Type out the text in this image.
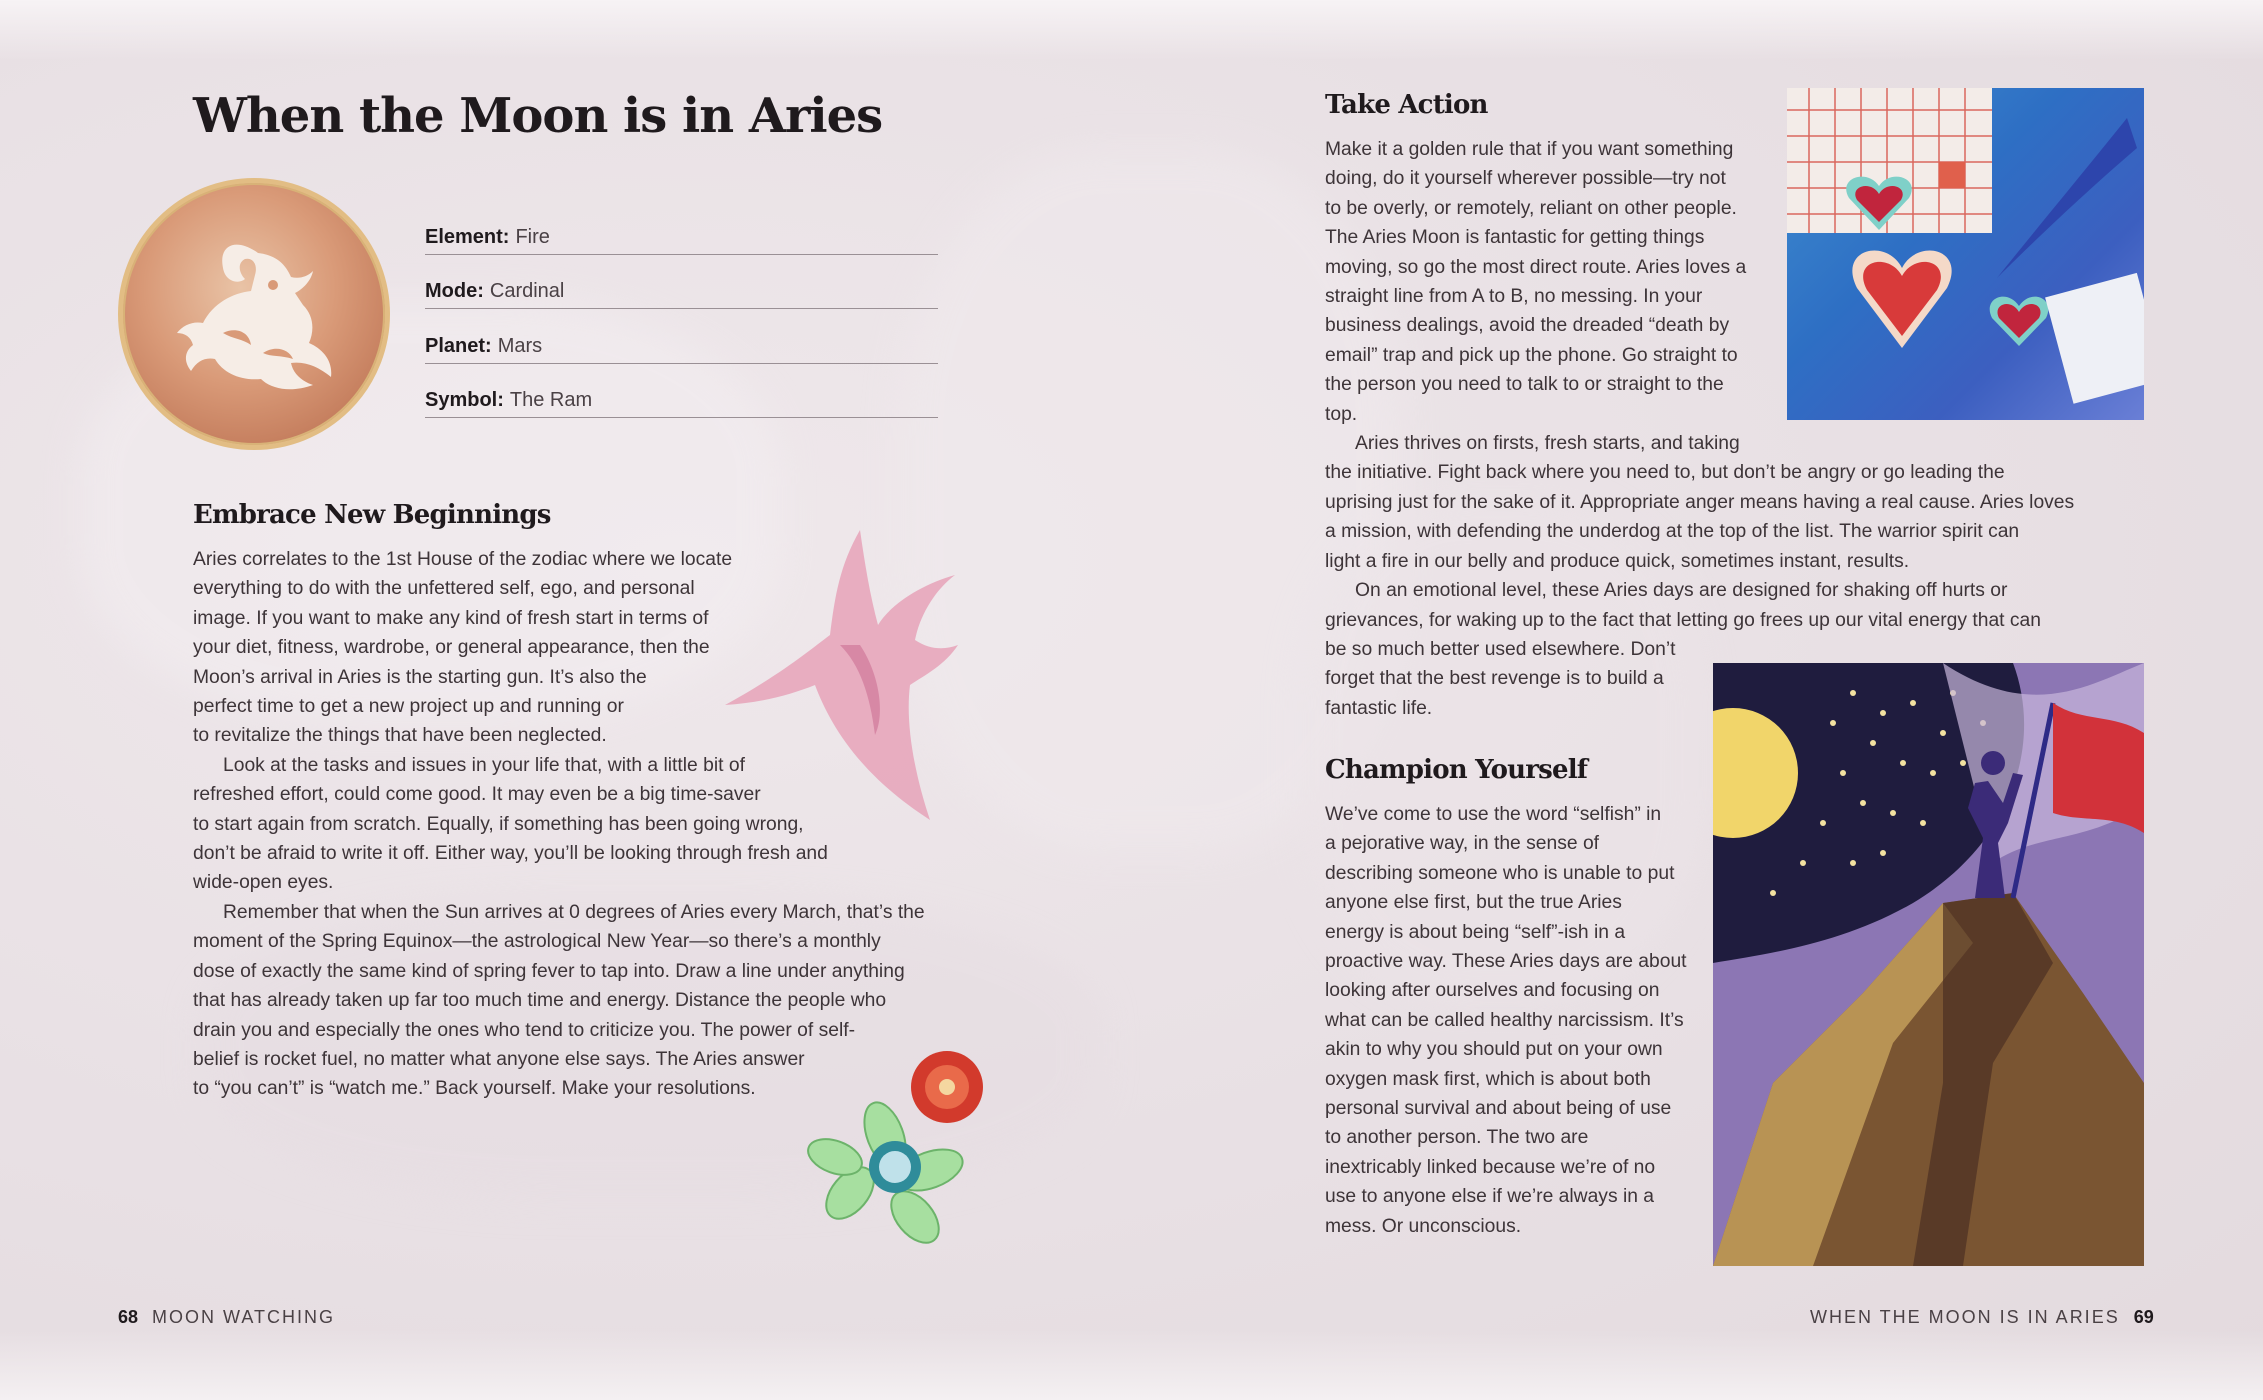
When the Moon is in Aries
Element: Fire
Mode: Cardinal
Planet: Mars
Symbol: The Ram
Embrace New Beginnings

Aries correlates to the 1st House of the zodiac where we locate

everything to do with the unfettered self, ego, and personal

image. If you want to make any kind of fresh start in terms of

your diet, fitness, wardrobe, or general appearance, then the

Moon’s arrival in Aries is the starting gun. It’s also the

perfect time to get a new project up and running or

to revitalize the things that have been neglected.

Look at the tasks and issues in your life that, with a little bit of

refreshed effort, could come good. It may even be a big time-saver

to start again from scratch. Equally, if something has been going wrong,

don’t be afraid to write it off. Either way, you’ll be looking through fresh and

wide-open eyes.

Remember that when the Sun arrives at 0 degrees of Aries every March, that’s the

moment of the Spring Equinox—the astrological New Year—so there’s a monthly

dose of exactly the same kind of spring fever to tap into. Draw a line under anything

that has already taken up far too much time and energy. Distance the people who

drain you and especially the ones who tend to criticize you. The power of self-

belief is rocket fuel, no matter what anyone else says. The Aries answer

to “you can’t” is “watch me.” Back yourself. Make your resolutions.

68 MOON WATCHING
Take Action

Make it a golden rule that if you want something

doing, do it yourself wherever possible—try not

to be overly, or remotely, reliant on other people.

The Aries Moon is fantastic for getting things

moving, so go the most direct route. Aries loves a

straight line from A to B, no messing. In your

business dealings, avoid the dreaded “death by

email” trap and pick up the phone. Go straight to

the person you need to talk to or straight to the

top.

Aries thrives on firsts, fresh starts, and taking

the initiative. Fight back where you need to, but don’t be angry or go leading the

uprising just for the sake of it. Appropriate anger means having a real cause. Aries loves

a mission, with defending the underdog at the top of the list. The warrior spirit can

light a fire in our belly and produce quick, sometimes instant, results.

On an emotional level, these Aries days are designed for shaking off hurts or

grievances, for waking up to the fact that letting go frees up our vital energy that can

be so much better used elsewhere. Don’t

forget that the best revenge is to build a

fantastic life.

Champion Yourself

We’ve come to use the word “selfish” in

a pejorative way, in the sense of

describing someone who is unable to put

anyone else first, but the true Aries

energy is about being “self”-ish in a

proactive way. These Aries days are about

looking after ourselves and focusing on

what can be called healthy narcissism. It’s

akin to why you should put on your own

oxygen mask first, which is about both

personal survival and about being of use

to another person. The two are

inextricably linked because we’re of no

use to anyone else if we’re always in a

mess. Or unconscious.

WHEN THE MOON IS IN ARIES 69
